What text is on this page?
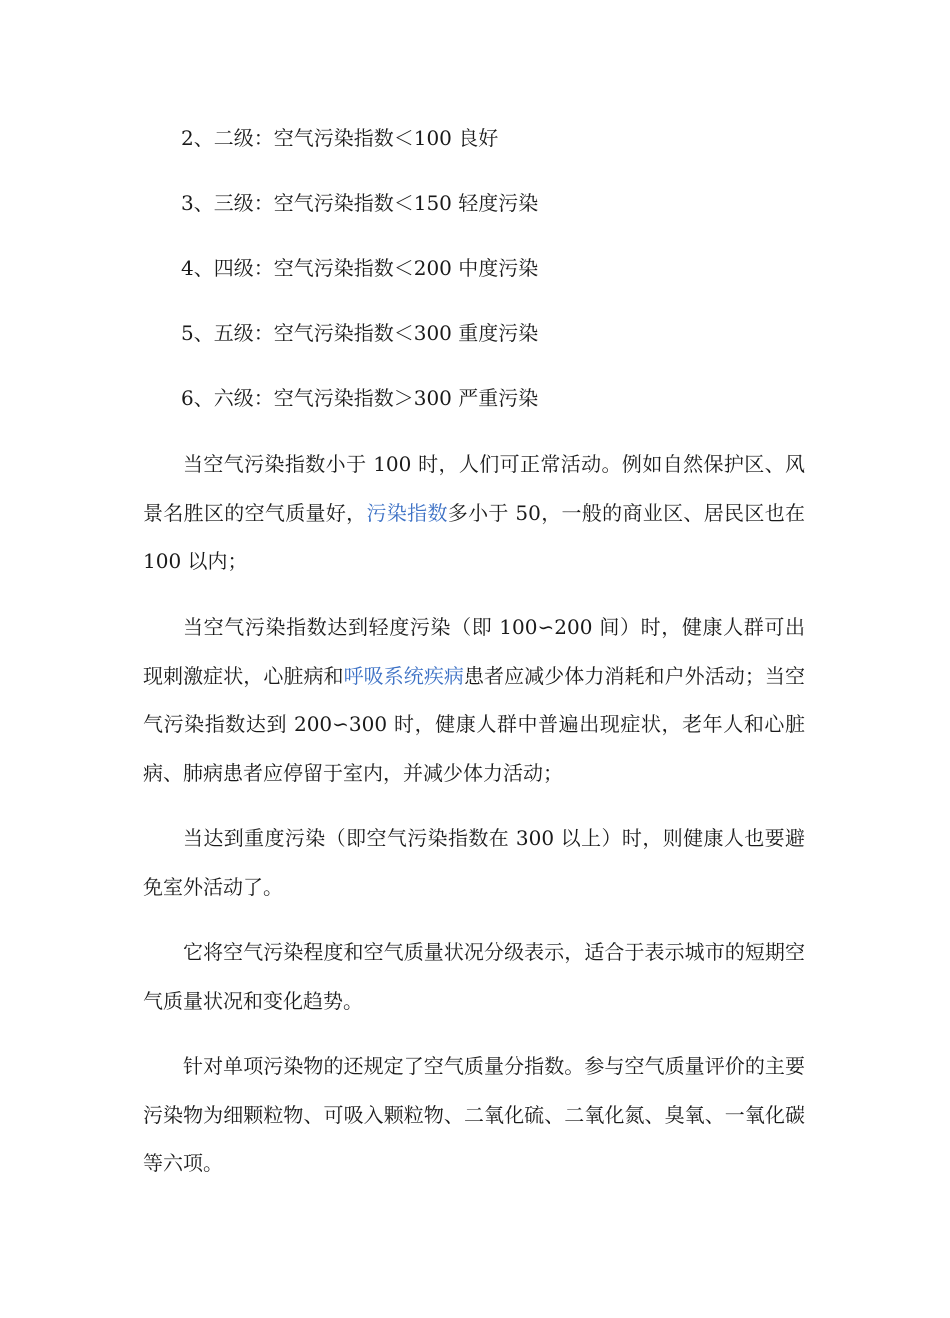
2、二级：空气污染指数＜100 良好
3、三级：空气污染指数＜150 轻度污染
4、四级：空气污染指数＜200 中度污染
5、五级：空气污染指数＜300 重度污染
6、六级：空气污染指数＞300 严重污染
当空气污染指数小于 100 时，人们可正常活动。例如自然保护区、风景名胜区的空气质量好，污染指数多小于 50，一般的商业区、居民区也在 100 以内；
当空气污染指数达到轻度污染（即 100∽200 间）时，健康人群可出现刺激症状，心脏病和呼吸系统疾病患者应减少体力消耗和户外活动；当空气污染指数达到 200∽300 时，健康人群中普遍出现症状，老年人和心脏病、肺病患者应停留于室内，并减少体力活动；
当达到重度污染（即空气污染指数在 300 以上）时，则健康人也要避免室外活动了。
它将空气污染程度和空气质量状况分级表示，适合于表示城市的短期空气质量状况和变化趋势。
针对单项污染物的还规定了空气质量分指数。参与空气质量评价的主要污染物为细颗粒物、可吸入颗粒物、二氧化硫、二氧化氮、臭氧、一氧化碳等六项。
